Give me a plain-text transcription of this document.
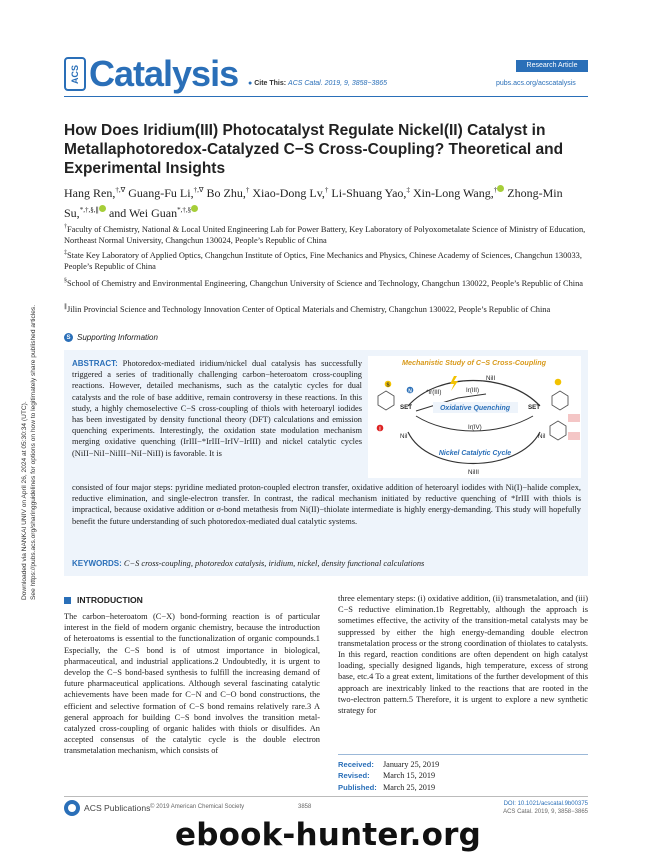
Downloaded via NANKAI UNIV on April 26, 2024 at 05:30:34 (UTC). See https://pubs.acs.org/sharingguidelines for options on how to legitimately share published articles.
ACS Catalysis ● Cite This: ACS Catal. 2019, 9, 3858−3865
Research Article
pubs.acs.org/acscatalysis
How Does Iridium(III) Photocatalyst Regulate Nickel(II) Catalyst in Metallaphotoredox-Catalyzed C−S Cross-Coupling? Theoretical and Experimental Insights
Hang Ren,†,∇ Guang-Fu Li,†,∇ Bo Zhu,† Xiao-Dong Lv,† Li-Shuang Yao,‡ Xin-Long Wang,† Zhong-Min Su,*,†,§,∥ and Wei Guan*,†,§
†Faculty of Chemistry, National & Local United Engineering Lab for Power Battery, Key Laboratory of Polyoxometalate Science of Ministry of Education, Northeast Normal University, Changchun 130024, People’s Republic of China
‡State Key Laboratory of Applied Optics, Changchun Institute of Optics, Fine Mechanics and Physics, Chinese Academy of Sciences, Changchun 130033, People’s Republic of China
§School of Chemistry and Environmental Engineering, Changchun University of Science and Technology, Changchun 130022, People’s Republic of China
∥Jilin Provincial Science and Technology Innovation Center of Optical Materials and Chemistry, Changchun 130022, People’s Republic of China
S Supporting Information
ABSTRACT: Photoredox-mediated iridium/nickel dual catalysis has successfully triggered a series of traditionally challenging carbon−heteroatom cross-coupling reactions. However, detailed mechanisms, such as the catalytic cycles for dual catalysts and the role of base additive, remain controversy in these reactions. In this study, a highly chemoselective C−S cross-coupling of thiols with heteroaryl iodides has been investigated by density functional theory (DFT) calculations and emission quenching experiments. Interestingly, the oxidation state modulation mechanism merging oxidative quenching (IrIII−*IrIII−IrIV−IrIII) and nickel catalytic cycles (NiII−NiI−NiIII−NiI−NiII) is favorable. It is
consisted of four major steps: pyridine mediated proton-coupled electron transfer, oxidative addition of heteroaryl iodides with Ni(I)−halide complex, reductive elimination, and single-electron transfer. In contrast, the radical mechanism initiated by reductive quenching of *IrIII with thiols is impractical, because oxidative addition or σ-bond metathesis from Ni(II)−thiolate intermediate is highly energy-demanding. This study will hopefully benefit the future understanding of such photoredox-mediated dual catalytic systems.
Mechanistic Study of C−S Cross-Coupling
Oxidative Quenching
Nickel Catalytic Cycle
*Ir(III)	Ir(III)
Ir(IV)
NiII
NiI	NiI
NiIII
SET	SET
S
I
N
KEYWORDS: C−S cross-coupling, photoredox catalysis, iridium, nickel, density functional calculations
INTRODUCTION
The carbon−heteroatom (C−X) bond-forming reaction is of particular interest in the field of modern organic chemistry, because the introduction of heteroatoms is essential to the functionalization of organic compounds.1 Especially, the C−S bond is of utmost importance in biological, pharmaceutical, and industrial applications.2 Undoubtedly, it is urgent to develop the C−S bond-based synthesis to fulfill the increasing demand of future pharmaceutical applications. Although several fascinating catalytic achievements have been made for C−N and C−O bond constructions, the efficient and selective formation of C−S bond remains relatively rare.3 A general approach for building C−S bond involves the transition metal-catalyzed cross-coupling of organic halides with thiols or disulfides. An accepted consensus of the catalytic cycle is the double electron transmetalation mechanism, which consists of
three elementary steps: (i) oxidative addition, (ii) transmetalation, and (iii) C−S reductive elimination.1b Regrettably, although the approach is sometimes effective, the activity of the transition-metal catalysts may be suppressed by either the high energy-demanding double electron transmetalation process or the strong coordination of thiolates to catalysts. In this regard, reaction conditions are often dependent on high catalyst loading, specially designed ligands, high temperature, excess of strong base, etc.4 To a great extent, limitations of the further development of this approach are inextricably linked to the reactions that are rooted in the two-electron pattern.5 Therefore, it is urgent to explore a new synthetic strategy for
Received: January 25, 2019
Revised: March 15, 2019
Published: March 25, 2019
ACS Publications © 2019 American Chemical Society	3858	DOI: 10.1021/acscatal.9b00375
ACS Catal. 2019, 9, 3858−3865
ebook-hunter.org
